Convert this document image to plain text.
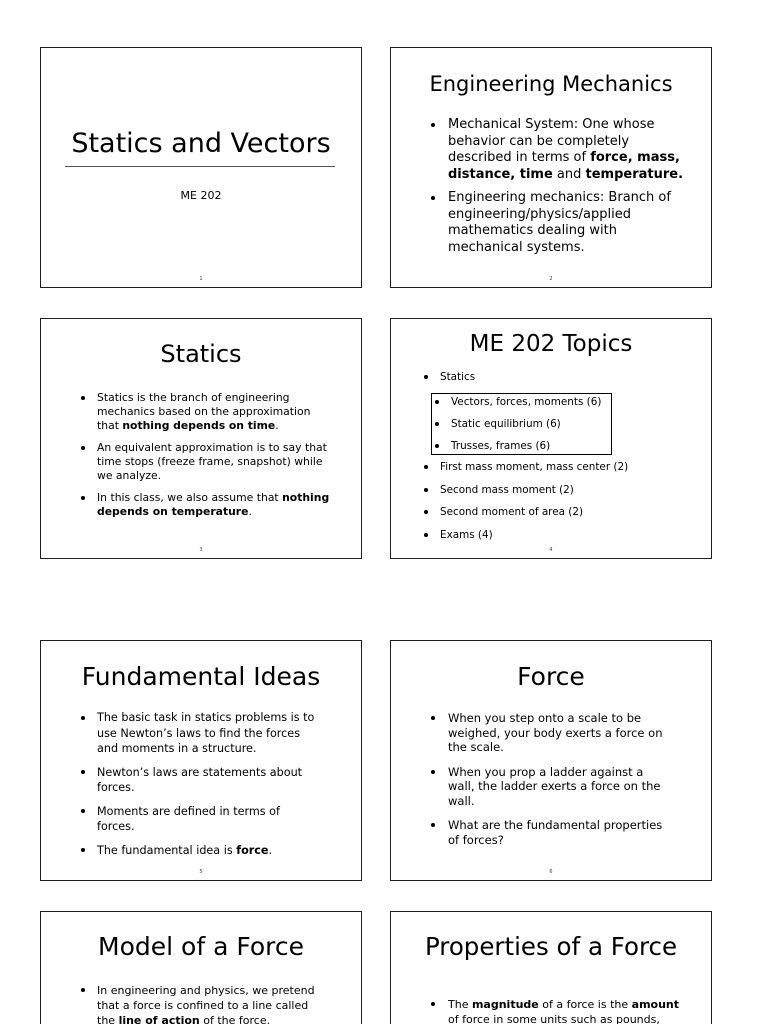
Statics and Vectors
ME 202
1
Engineering Mechanics
Mechanical System: One whose
behavior can be completely
described in terms of force, mass,
distance, time and temperature.
Engineering mechanics: Branch of
engineering/physics/applied
mathematics dealing with
mechanical systems.
2
Statics
Statics is the branch of engineering
mechanics based on the approximation
that nothing depends on time.
An equivalent approximation is to say that
time stops (freeze frame, snapshot) while
we analyze.
In this class, we also assume that nothing
depends on temperature.
3
ME 202 Topics
Statics
Vectors, forces, moments (6)
Static equilibrium (6)
Trusses, frames (6)
First mass moment, mass center (2)
Second mass moment (2)
Second moment of area (2)
Exams (4)
4
Fundamental Ideas
The basic task in statics problems is to
use Newton’s laws to find the forces
and moments in a structure.
Newton’s laws are statements about
forces.
Moments are defined in terms of
forces.
The fundamental idea is force.
5
Force
When you step onto a scale to be
weighed, your body exerts a force on
the scale.
When you prop a ladder against a
wall, the ladder exerts a force on the
wall.
What are the fundamental properties
of forces?
6
Model of a Force
In engineering and physics, we pretend
that a force is confined to a line called
the line of action of the force.
Properties of a Force
The magnitude of a force is the amount
of force in some units such as pounds,
